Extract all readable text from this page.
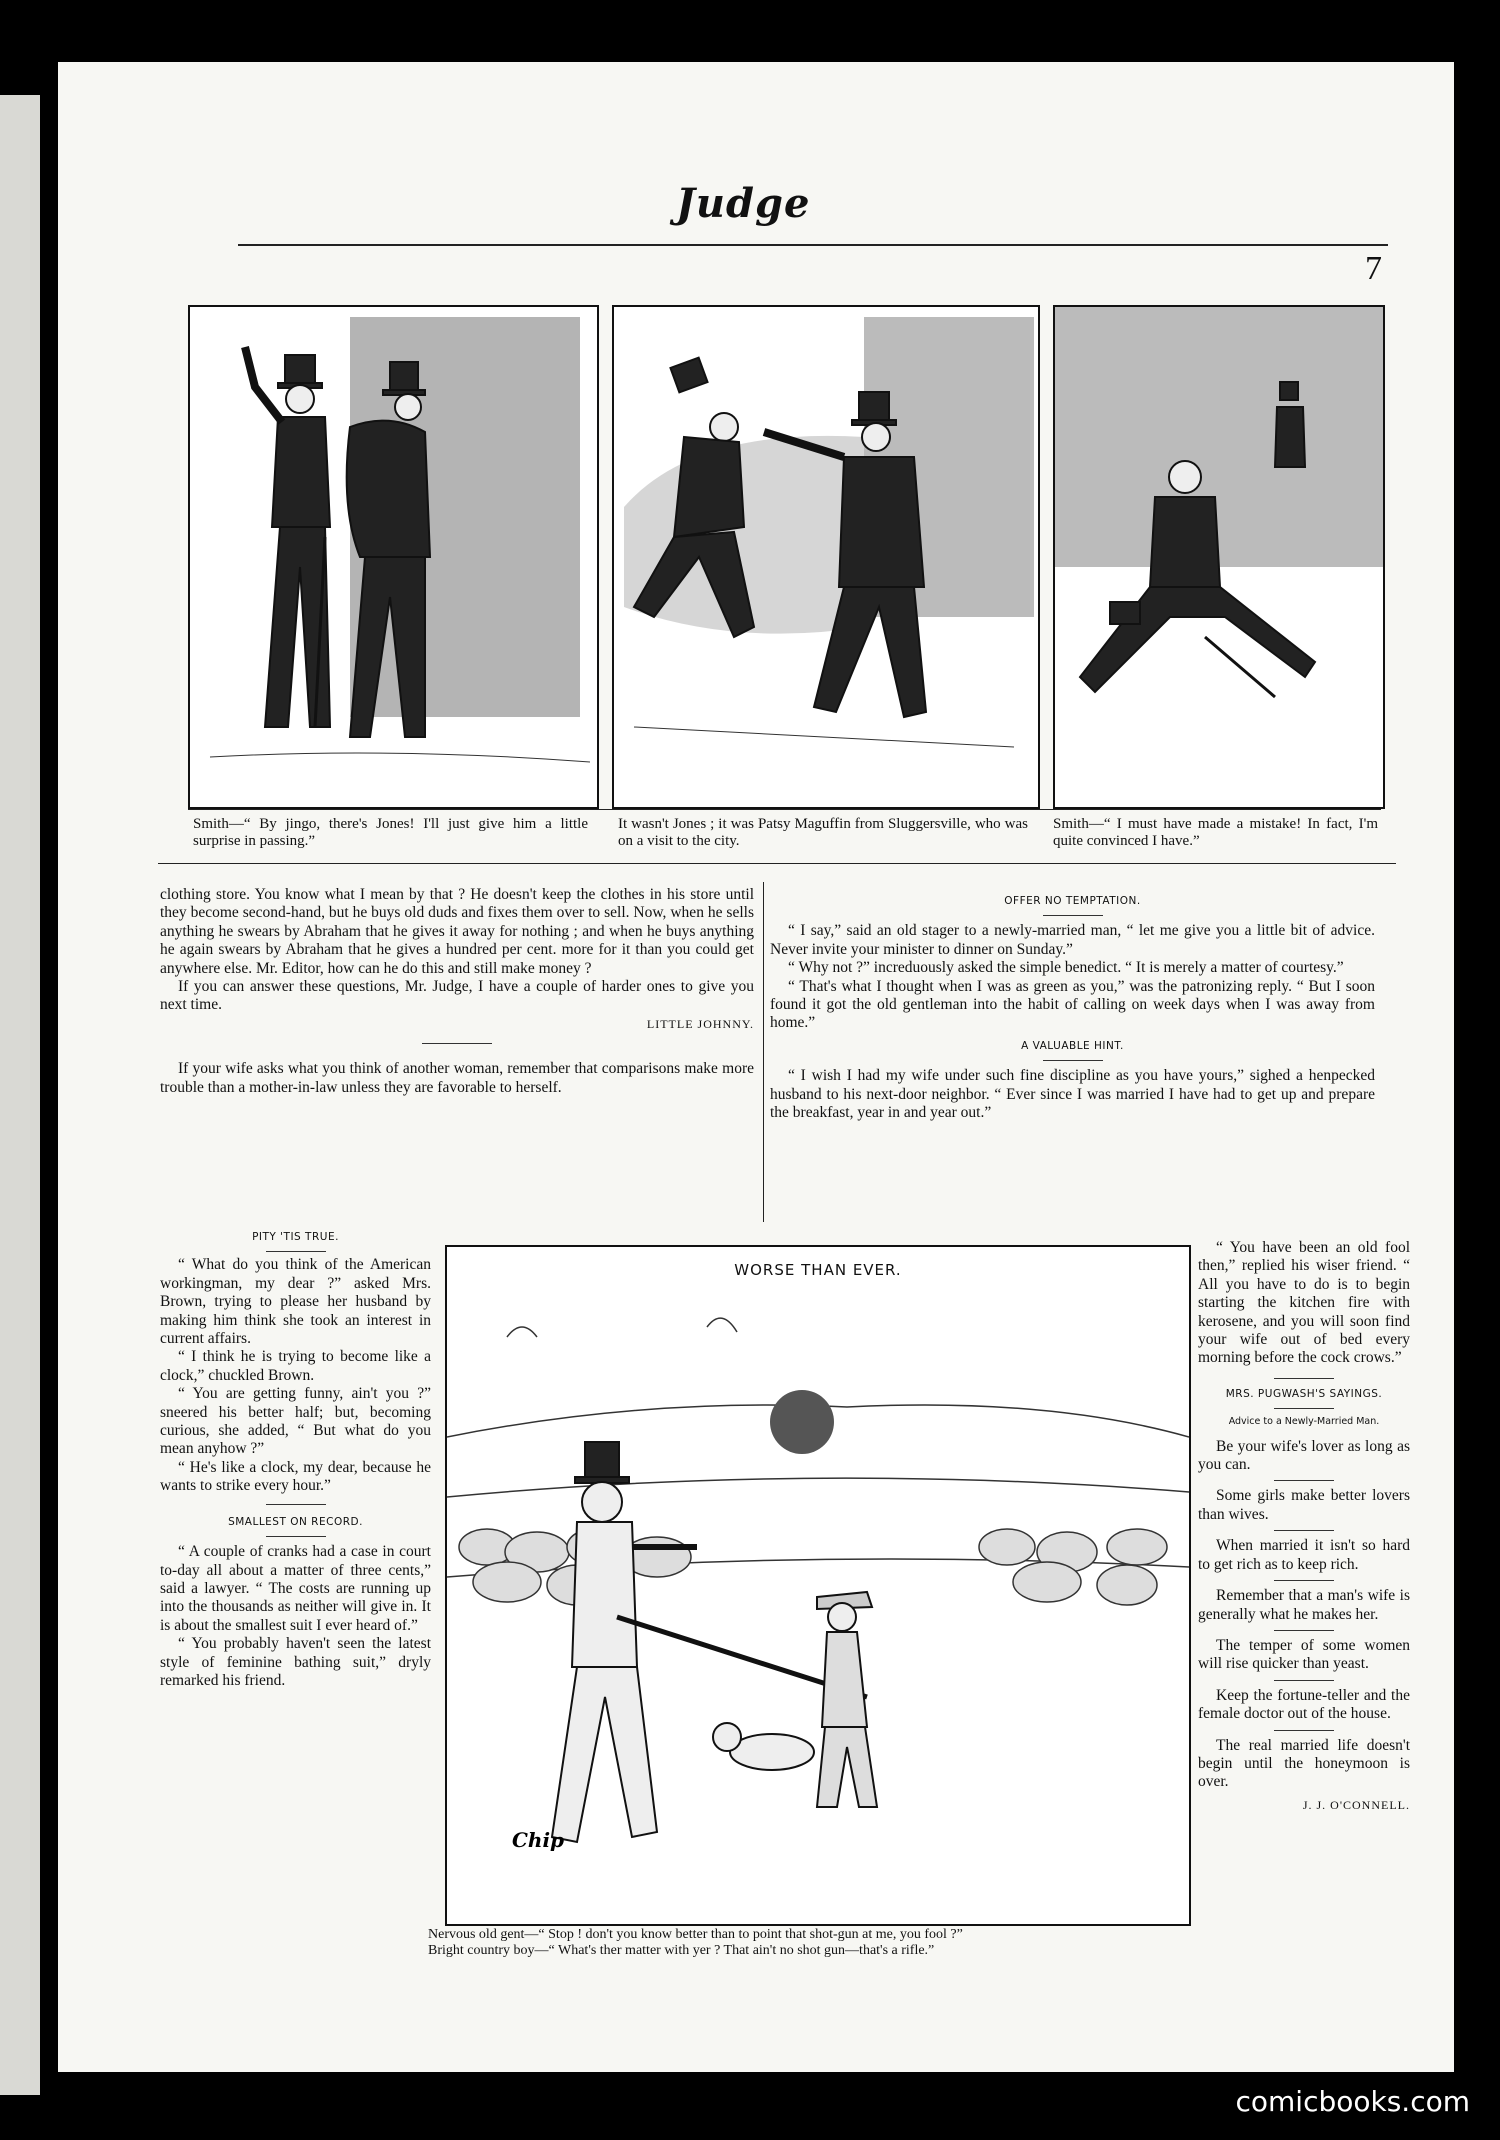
Judge
7
Smith—“ By jingo, there's Jones! I'll just give him a little surprise in passing.”
It wasn't Jones ; it was Patsy Maguffin from Sluggersville, who was on a visit to the city.
Smith—“ I must have made a mistake! In fact, I'm quite convinced I have.”

clothing store. You know what I mean by that ? He doesn't keep the clothes in his store until they become second-hand, but he buys old duds and fixes them over to sell. Now, when he sells anything he swears by Abraham that he gives it away for nothing ; and when he buys anything he again swears by Abraham that he gives a hundred per cent. more for it than you could get anywhere else. Mr. Editor, how can he do this and still make money ?

If you can answer these questions, Mr. Judge, I have a couple of harder ones to give you next time.

LITTLE JOHNNY.

If your wife asks what you think of another woman, remember that comparisons make more trouble than a mother-in-law unless they are favorable to herself.

OFFER NO TEMPTATION.

“ I say,” said an old stager to a newly-married man, “ let me give you a little bit of advice. Never invite your minister to dinner on Sunday.”

“ Why not ?” increduously asked the simple benedict. “ It is merely a matter of courtesy.”

“ That's what I thought when I was as green as you,” was the patronizing reply. “ But I soon found it got the old gentleman into the habit of calling on week days when I was away from home.”

A VALUABLE HINT.

“ I wish I had my wife under such fine discipline as you have yours,” sighed a henpecked husband to his next-door neighbor. “ Ever since I was married I have had to get up and prepare the breakfast, year in and year out.”

PITY 'TIS TRUE.

“ What do you think of the American workingman, my dear ?” asked Mrs. Brown, trying to please her husband by making him think she took an interest in current affairs.

“ I think he is trying to become like a clock,” chuckled Brown.

“ You are getting funny, ain't you ?” sneered his better half; but, becoming curious, she added, “ But what do you mean anyhow ?”

“ He's like a clock, my dear, because he wants to strike every hour.”

SMALLEST ON RECORD.

“ A couple of cranks had a case in court to-day all about a matter of three cents,” said a lawyer. “ The costs are running up into the thousands as neither will give in. It is about the smallest suit I ever heard of.”

“ You probably haven't seen the latest style of feminine bathing suit,” dryly remarked his friend.

WORSE THAN EVER.
Chip
Nervous old gent—“ Stop ! don't you know better than to point that shot-gun at me, you fool ?”
Bright country boy—“ What's ther matter with yer ? That ain't no shot gun—that's a rifle.”

“ You have been an old fool then,” replied his wiser friend. “ All you have to do is to begin starting the kitchen fire with kerosene, and you will soon find your wife out of bed every morning before the cock crows.”

MRS. PUGWASH'S SAYINGS.
Advice to a Newly-Married Man.

Be your wife's lover as long as you can.

Some girls make better lovers than wives.

When married it isn't so hard to get rich as to keep rich.

Remember that a man's wife is generally what he makes her.

The temper of some women will rise quicker than yeast.

Keep the fortune-teller and the female doctor out of the house.

The real married life doesn't begin until the honeymoon is over.

J. J. O'CONNELL.
comicbooks.com
